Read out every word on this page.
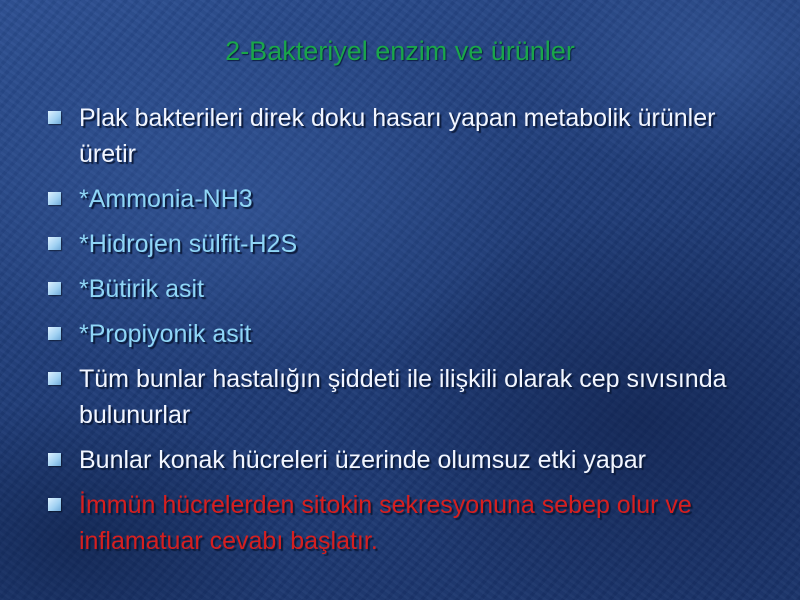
2-Bakteriyel enzim ve ürünler
Plak bakterileri direk doku hasarı yapan metabolik ürünler üretir
*Ammonia-NH3
*Hidrojen sülfit-H2S
*Bütirik asit
*Propiyonik asit
Tüm bunlar hastalığın şiddeti ile ilişkili olarak cep sıvısında bulunurlar
Bunlar konak hücreleri üzerinde olumsuz etki yapar
İmmün hücrelerden sitokin sekresyonuna sebep olur ve inflamatuar cevabı başlatır.
